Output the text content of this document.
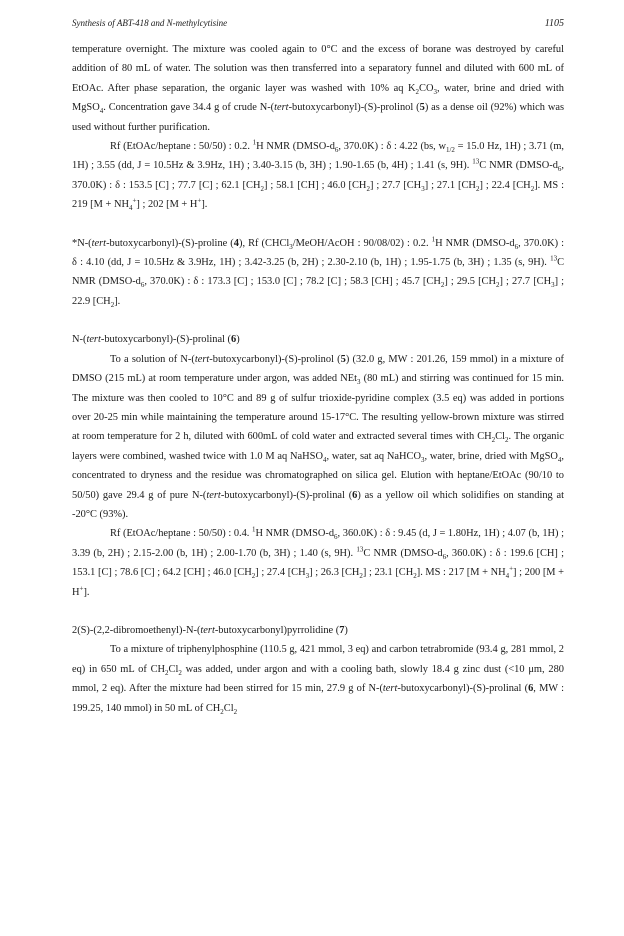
Synthesis of ABT-418 and N-methylcytisine	1105

temperature overnight. The mixture was cooled again to 0°C and the excess of borane was destroyed by careful addition of 80 mL of water. The solution was then transferred into a separatory funnel and diluted with 600 mL of EtOAc. After phase separation, the organic layer was washed with 10% aq $K_2CO_3$, water, brine and dried with MgSO$_4$. Concentration gave 34.4 g of crude N-(tert-butoxycarbonyl)-(S)-prolinol (5) as a dense oil (92%) which was used without further purification.

Rf (EtOAc/heptane : 50/50) : 0.2. $^1$H NMR ($DMSO-d_6$, 370.0K) : δ : 4.22 (bs, $w_{1/2} = 15.0$ Hz, 1H) ; 3.71 (m, 1H) ; 3.55 (dd, J = 10.5Hz & 3.9Hz, 1H) ; 3.40-3.15 (b, 3H) ; 1.90-1.65 (b, 4H) ; 1.41 (s, 9H). $^{13}$C NMR ($DMSO-d_6$, 370.0K) : δ : 153.5 [C] ; 77.7 [C] ; 62.1 $[CH_2]$ ; 58.1 [CH] ; 46.0 $[CH_2]$ ; 27.7 $[CH_3]$ ; 27.1 $[CH_2]$ ; 22.4 $[CH_2]$. MS : 219 $[M + NH_4^+]$ ; 202 [M + H+].

*N-(tert-butoxycarbonyl)-(S)-proline (4), Rf (CHCl$_3$/MeOH/AcOH : 90/08/02) : 0.2. $^1$H NMR ($DMSO-d_6$, 370.0K) : δ : 4.10 (dd, J = 10.5Hz & 3.9Hz, 1H) ; 3.42-3.25 (b, 2H) ; 2.30-2.10 (b, 1H) ; 1.95-1.75 (b, 3H) ; 1.35 (s, 9H). $^{13}$C NMR ($DMSO-d_6$, 370.0K) : δ : 173.3 [C] ; 153.0 [C] ; 78.2 [C] ; 58.3 [CH] ; 45.7 $[CH_2]$ ; 29.5 $[CH_2]$ ; 27.7 $[CH_3]$ ; 22.9 $[CH_2]$.

N-(tert-butoxycarbonyl)-(S)-prolinal (6)

To a solution of N-(tert-butoxycarbonyl)-(S)-prolinol (5) (32.0 g, MW : 201.26, 159 mmol) in a mixture of DMSO (215 mL) at room temperature under argon, was added NEt$_3$ (80 mL) and stirring was continued for 15 min. The mixture was then cooled to 10°C and 89 g of sulfur trioxide-pyridine complex (3.5 eq) was added in portions over 20-25 min while maintaining the temperature around 15-17°C. The resulting yellow-brown mixture was stirred at room temperature for 2 h, diluted with 600mL of cold water and extracted several times with $CH_2Cl_2$. The organic layers were combined, washed twice with 1.0 M aq NaHSO$_4$, water, sat aq NaHCO$_3$, water, brine, dried with MgSO$_4$, concentrated to dryness and the residue was chromatographed on silica gel. Elution with heptane/EtOAc (90/10 to 50/50) gave 29.4 g of pure N-(tert-butoxycarbonyl)-(S)-prolinal (6) as a yellow oil which solidifies on standing at -20°C (93%).

Rf (EtOAc/heptane : 50/50) : 0.4. $^1$H NMR ($DMSO-d_6$, 360.0K) : δ : 9.45 (d, J = 1.80Hz, 1H) ; 4.07 (b, 1H) ; 3.39 (b, 2H) ; 2.15-2.00 (b, 1H) ; 2.00-1.70 (b, 3H) ; 1.40 (s, 9H). $^{13}$C NMR ($DMSO-d_6$, 360.0K) : δ : 199.6 [CH] ; 153.1 [C] ; 78.6 [C] ; 64.2 [CH] ; 46.0 $[CH_2]$ ; 27.4 $[CH_3]$ ; 26.3 $[CH_2]$ ; 23.1 $[CH_2]$. MS : 217 $[M + NH_4^+]$ ; 200 [M + H+].

2(S)-(2,2-dibromoethenyl)-N-(tert-butoxycarbonyl)pyrrolidine (7)

To a mixture of triphenylphosphine (110.5 g, 421 mmol, 3 eq) and carbon tetrabromide (93.4 g, 281 mmol, 2 eq) in 650 mL of $CH_2Cl_2$ was added, under argon and with a cooling bath, slowly 18.4 g zinc dust (<10 μm, 280 mmol, 2 eq). After the mixture had been stirred for 15 min, 27.9 g of N-(tert-butoxycarbonyl)-(S)-prolinal (6, MW : 199.25, 140 mmol) in 50 mL of $CH_2Cl_2$
